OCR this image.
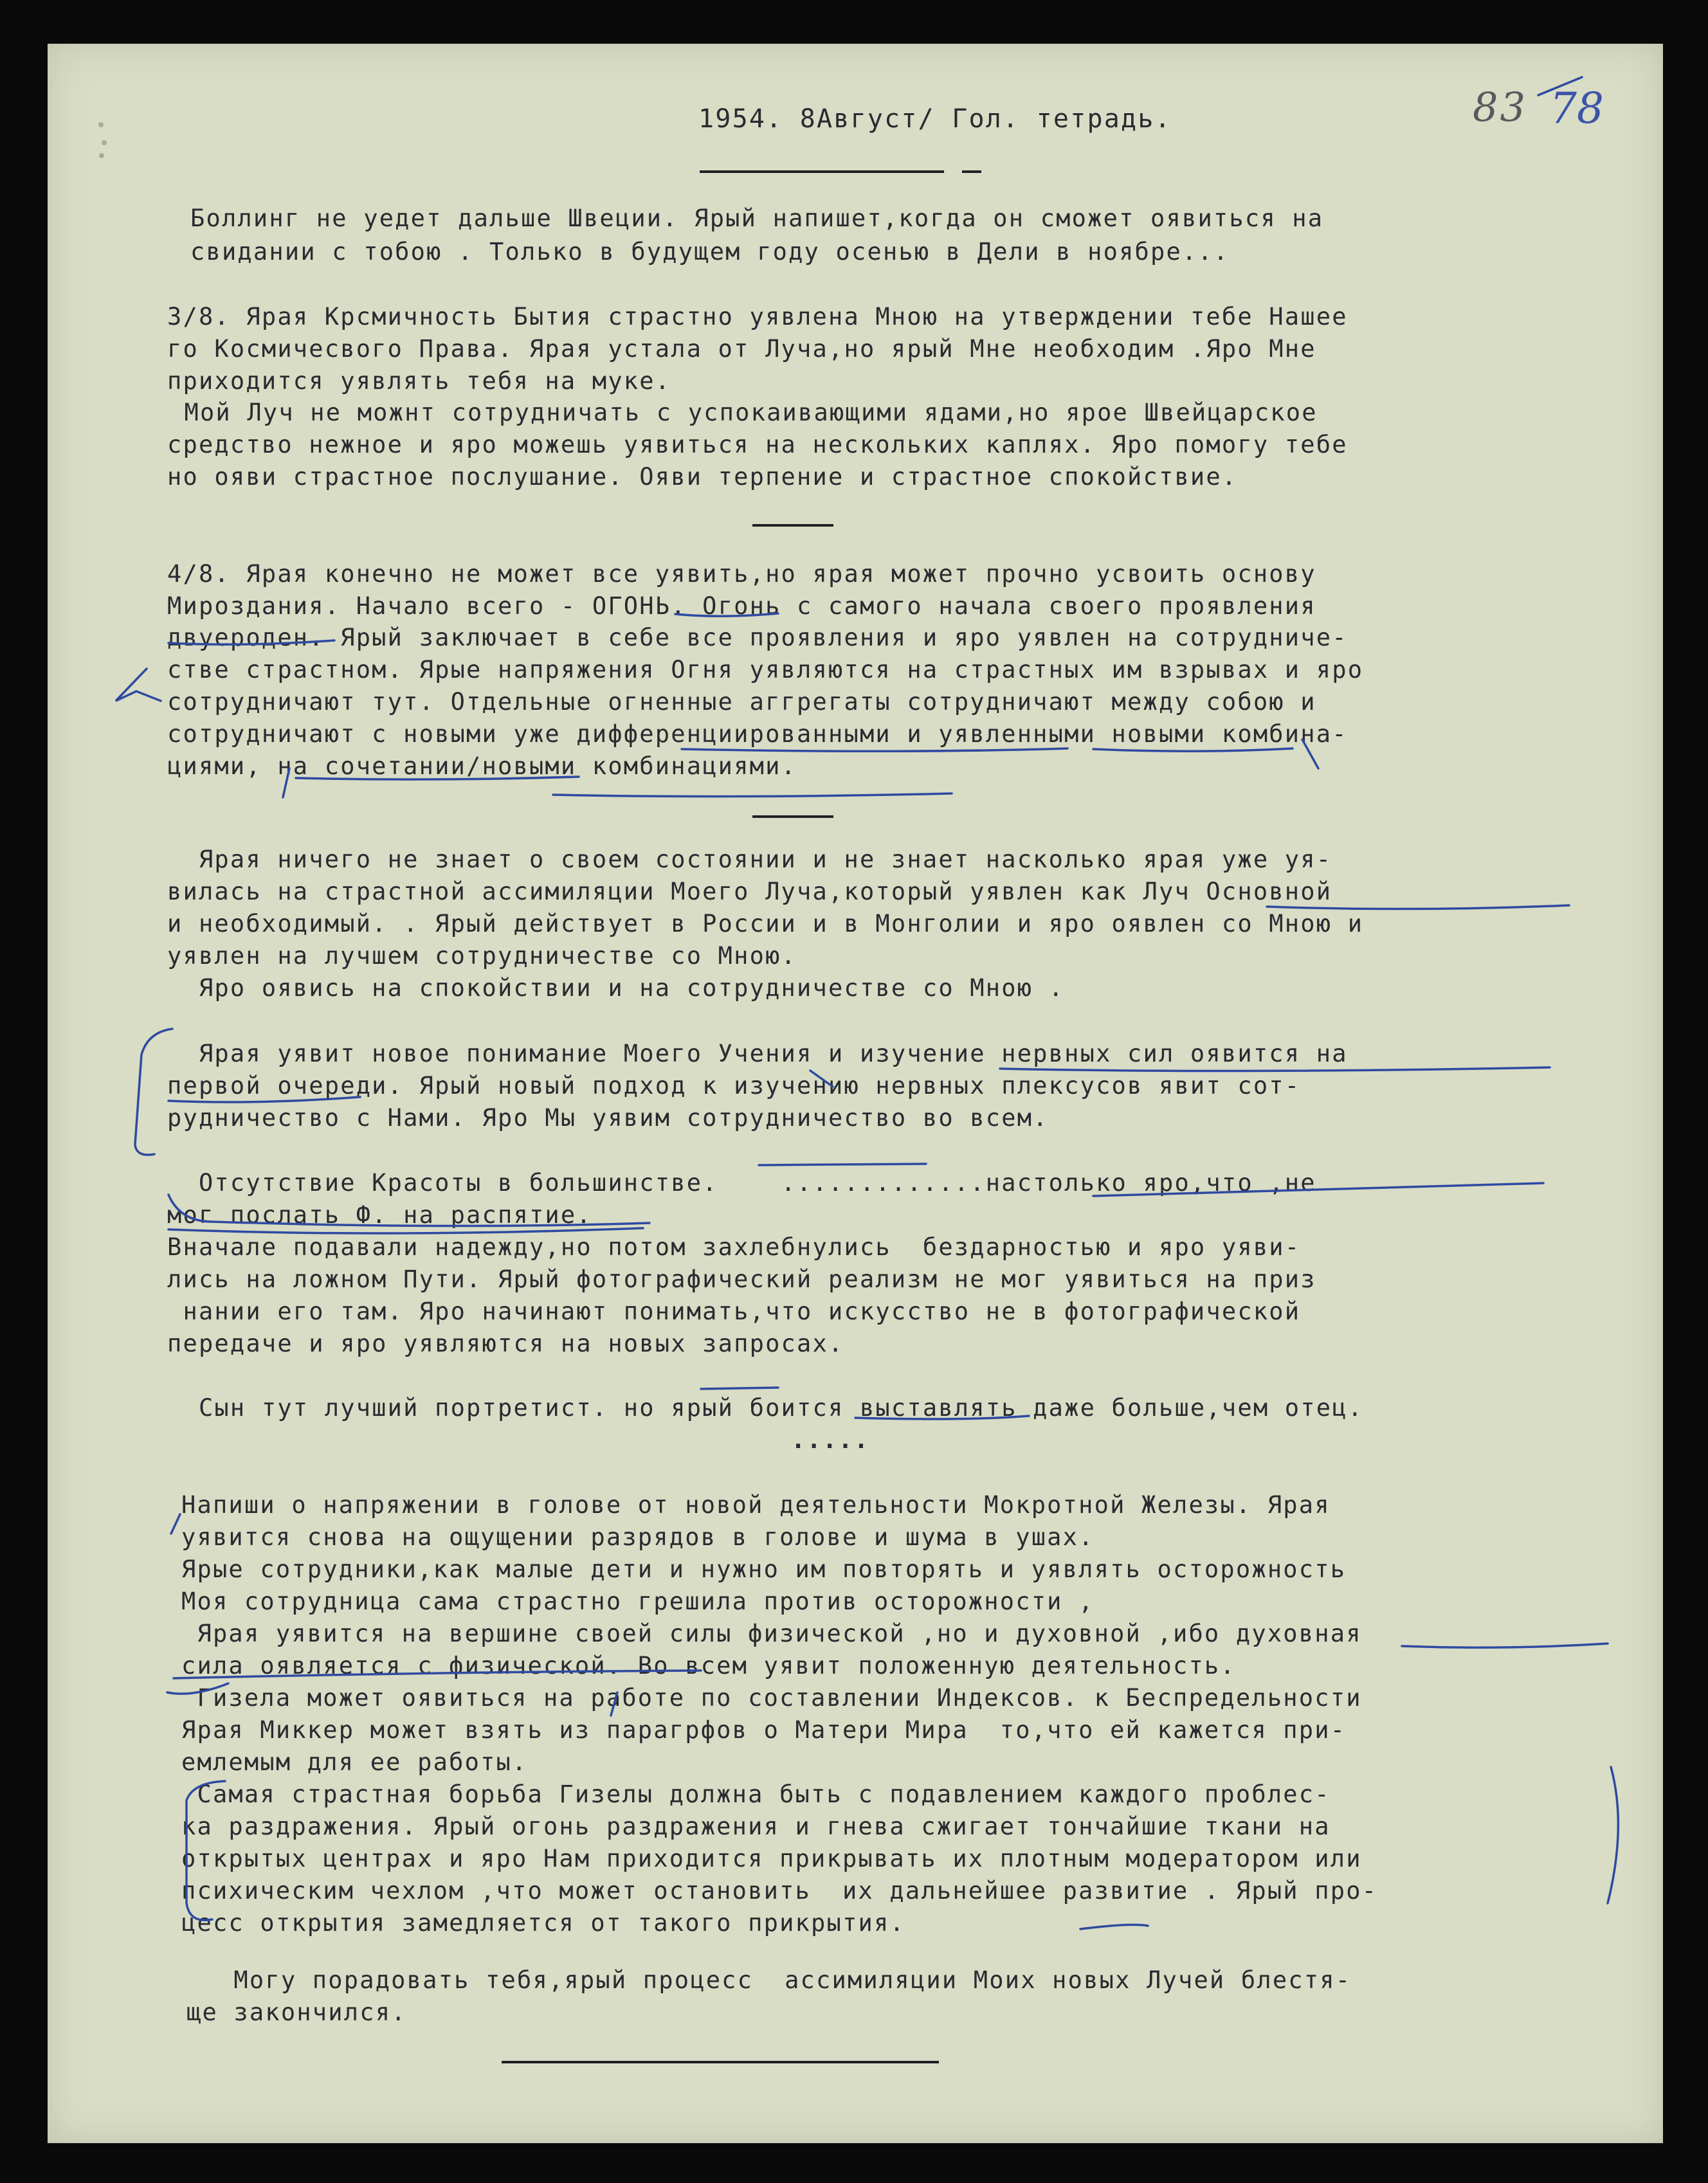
1954. 8Август/ Гол. тетрадь.	83 78
Боллинг не уедет дальше Швеции. Ярый напишет,когда он сможет оявиться на
свидании с тобою . Только в будущем году осенью в Дели в ноябре...
3/8. Ярая Крсмичность Бытия страстно уявлена Мною на утверждении тебе Нашее
го Космичесвого Права. Ярая устала от Луча,но ярый Мне необходим .Яро Мне
приходится уявлять тебя на муке.
Мой Луч не можнт сотрудничать с успокаивающими ядами,но ярое Швейцарское
средство нежное и яро можешь уявиться на нескольких каплях. Яро помогу тебе
но ояви страстное послушание. Ояви терпение и страстное спокойствие.
4/8. Ярая конечно не может все уявить,но ярая может прочно усвоить основу
Мироздания. Начало всего - ОГОНЬ. Огонь с самого начала своего проявления
двуероден. Ярый заключает в себе все проявления и яро уявлен на сотрудниче-
стве страстном. Ярые напряжения Огня уявляются на страстных им взрывах и яро
сотрудничают тут. Отдельные огненные аггрегаты сотрудничают между собою и
сотрудничают с новыми уже дифференциированными и уявленными новыми комбина-
циями, на сочетании/новыми комбинациями.
Ярая ничего не знает о своем состоянии и не знает насколько ярая уже уя-
вилась на страстной ассимиляции Моего Луча,который уявлен как Луч Основной
и необходимый. . Ярый действует в России и в Монголии и яро оявлен со Мною и
уявлен на лучшем сотрудничестве со Мною.
Яро оявись на спокойствии и на сотрудничестве со Мною .
Ярая уявит новое понимание Моего Учения и изучение нервных сил оявится на
первой очереди. Ярый новый подход к изучению нервных плексусов явит сот-
рудничество с Нами. Яро Мы уявим сотрудничество во всем.
Отсутствие Красоты в большинстве.    .............настолько яро,что ,не
мог послать Ф. на распятие.
Вначале подавали надежду,но потом захлебнулись  бездарностью и яро уяви-
лись на ложном Пути. Ярый фотографический реализм не мог уявиться на приз
нании его там. Яро начинают понимать,что искусство не в фотографической
передаче и яро уявляются на новых запросах.
Сын тут лучший портретист. но ярый боится выставлять даже больше,чем отец.
.....
Напиши о напряжении в голове от новой деятельности Мокротной Железы. Ярая
уявится снова на ощущении разрядов в голове и шума в ушах.
Ярые сотрудники,как малые дети и нужно им повторять и уявлять осторожность
Моя сотрудница сама страстно грешила против осторожности ,
Ярая уявится на вершине своей силы физической ,но и духовной ,ибо духовная
сила оявляется с физической. Во всем уявит положенную деятельность.
Гизела может оявиться на работе по составлении Индексов. к Беспредельности
Ярая Миккер может взять из парагрфов о Матери Мира  то,что ей кажется при-
емлемым для ее работы.
Самая страстная борьба Гизелы должна быть с подавлением каждого проблес-
ка раздражения. Ярый огонь раздражения и гнева сжигает тончайшие ткани на
открытых центрах и яро Нам приходится прикрывать их плотным модератором или
психическим чехлом ,что может остановить  их дальнейшее развитие . Ярый про-
цесс открытия замедляется от такого прикрытия.
Могу порадовать тебя,ярый процесс  ассимиляции Моих новых Лучей блестя-
ще закончился.
